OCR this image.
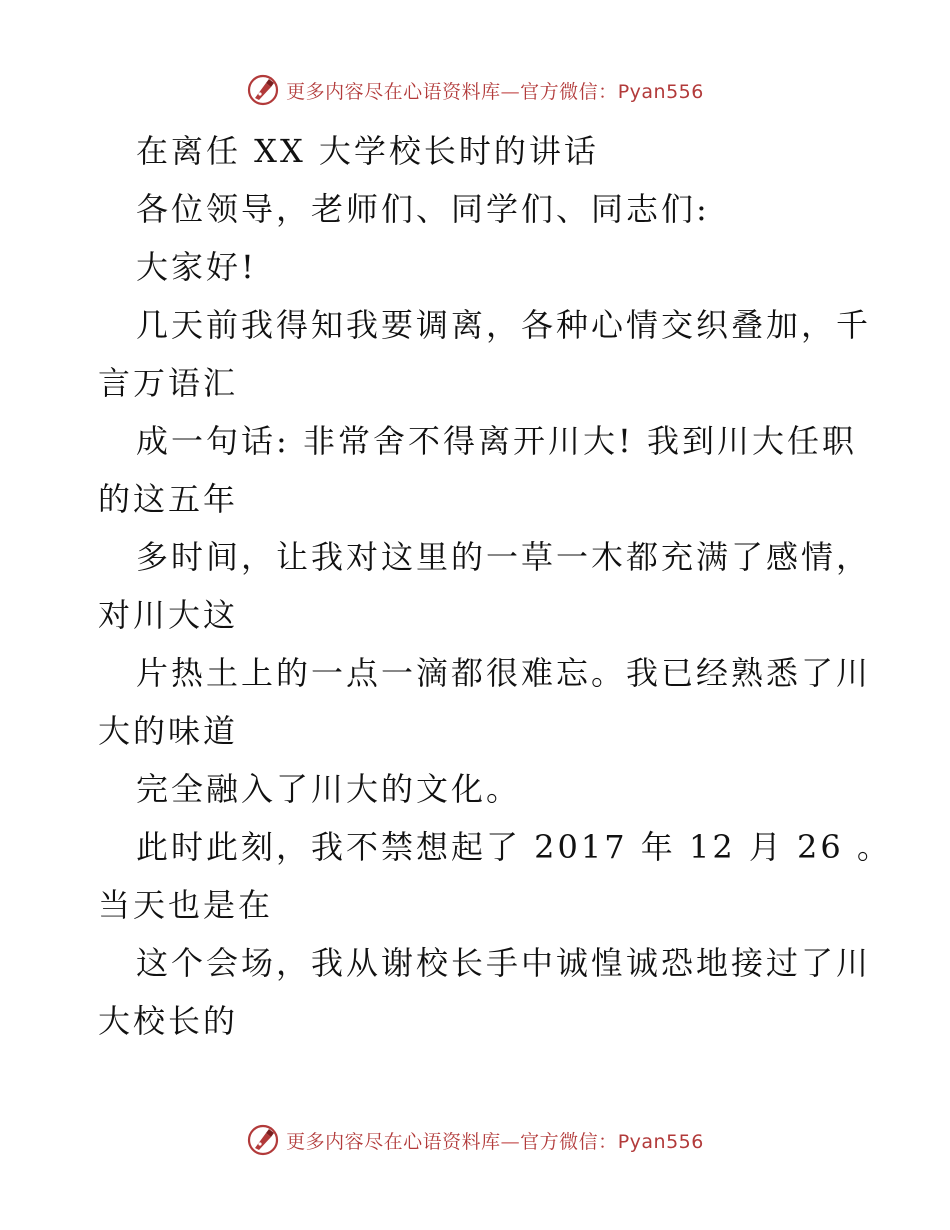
更多内容尽在心语资料库—官方微信：Pyan556
在离任 XX 大学校长时的讲话
各位领导，老师们、同学们、同志们:
大家好!
几天前我得知我要调离，各种心情交织叠加，千
言万语汇
成一句话: 非常舍不得离开川大! 我到川大任职
的这五年
多时间，让我对这里的一草一木都充满了感情，
对川大这
片热土上的一点一滴都很难忘。我已经熟悉了川
大的味道
完全融入了川大的文化。
此时此刻，我不禁想起了 2017 年 12 月 26 。
当天也是在
这个会场，我从谢校长手中诚惶诚恐地接过了川
大校长的
更多内容尽在心语资料库—官方微信：Pyan556
